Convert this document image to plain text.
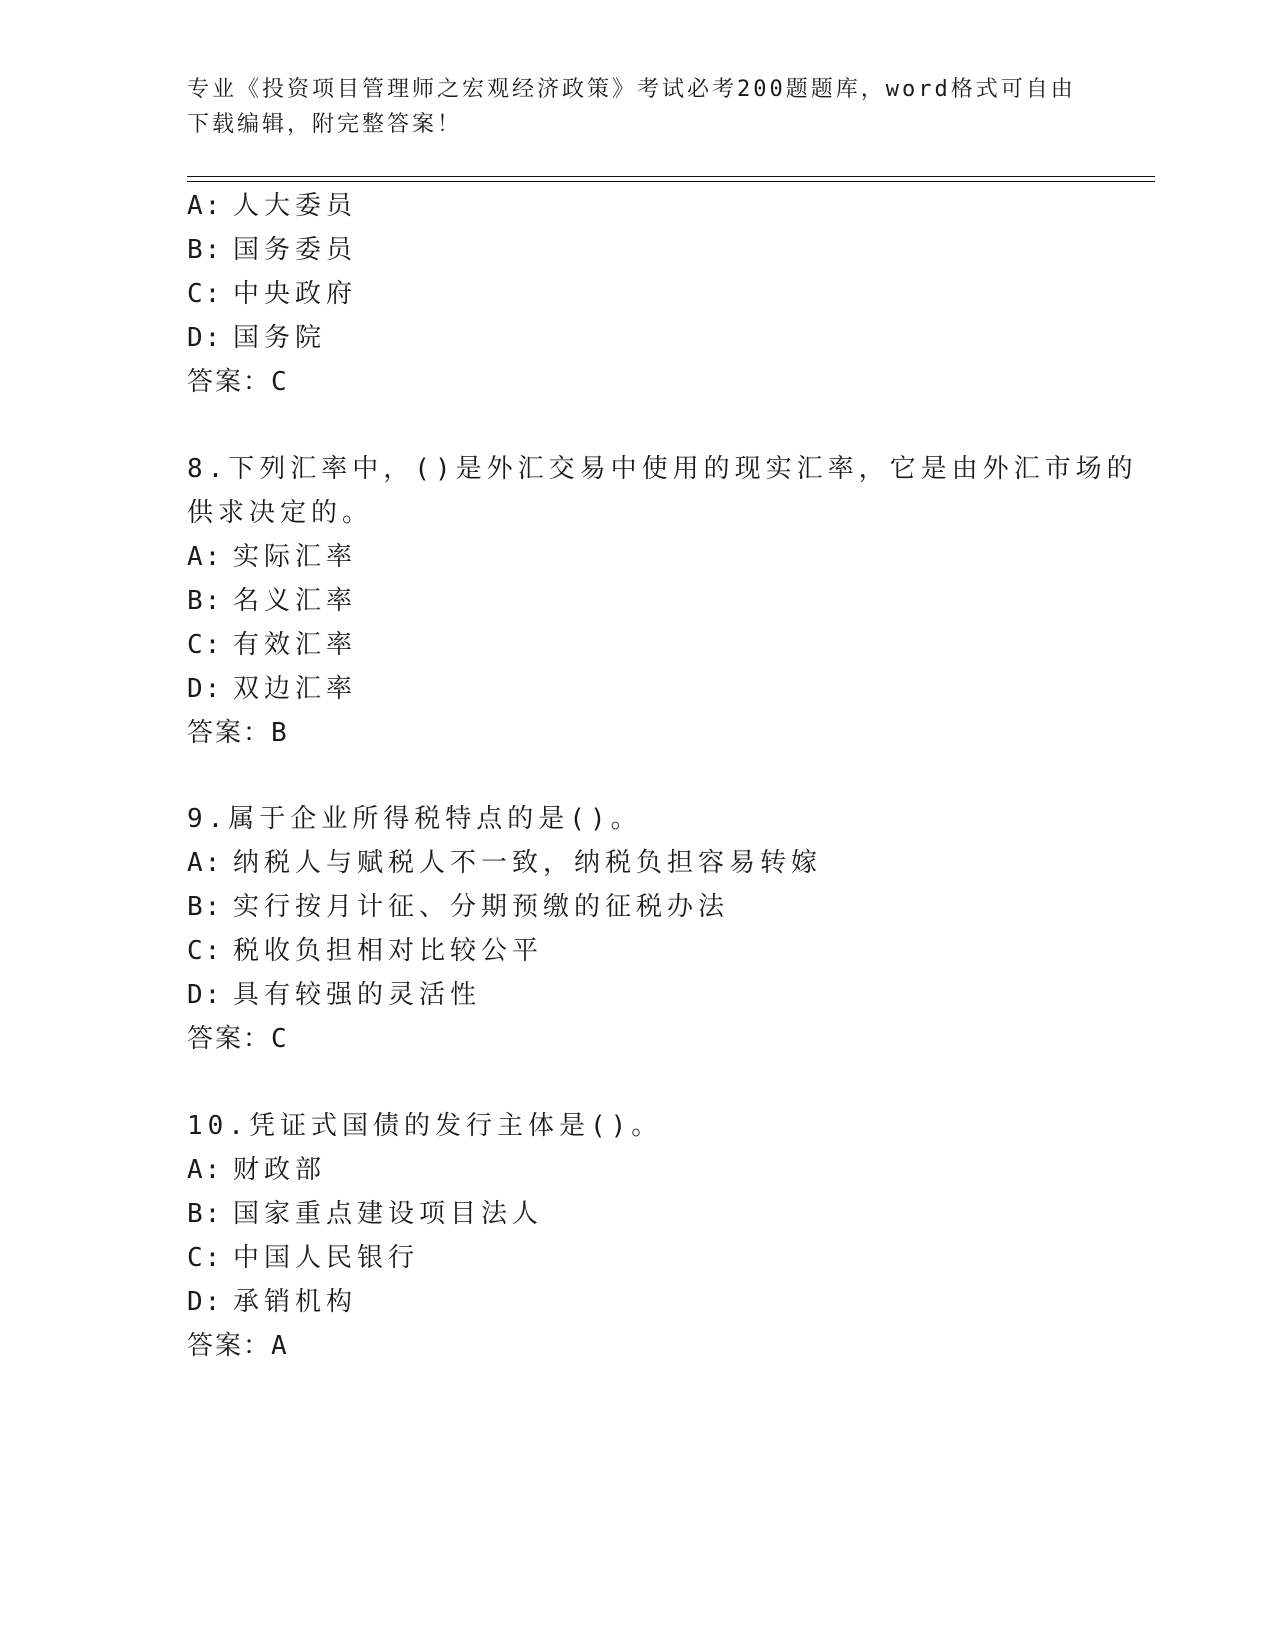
专业《投资项目管理师之宏观经济政策》考试必考200题题库，word格式可自由
下载编辑，附完整答案！
A: 人大委员
B: 国务委员
C: 中央政府
D: 国务院
答案：C
8.下列汇率中，()是外汇交易中使用的现实汇率，它是由外汇市场的
供求决定的。
A: 实际汇率
B: 名义汇率
C: 有效汇率
D: 双边汇率
答案：B
9.属于企业所得税特点的是()。
A: 纳税人与赋税人不一致，纳税负担容易转嫁
B: 实行按月计征、分期预缴的征税办法
C: 税收负担相对比较公平
D: 具有较强的灵活性
答案：C
10.凭证式国债的发行主体是()。
A: 财政部
B: 国家重点建设项目法人
C: 中国人民银行
D: 承销机构
答案：A
